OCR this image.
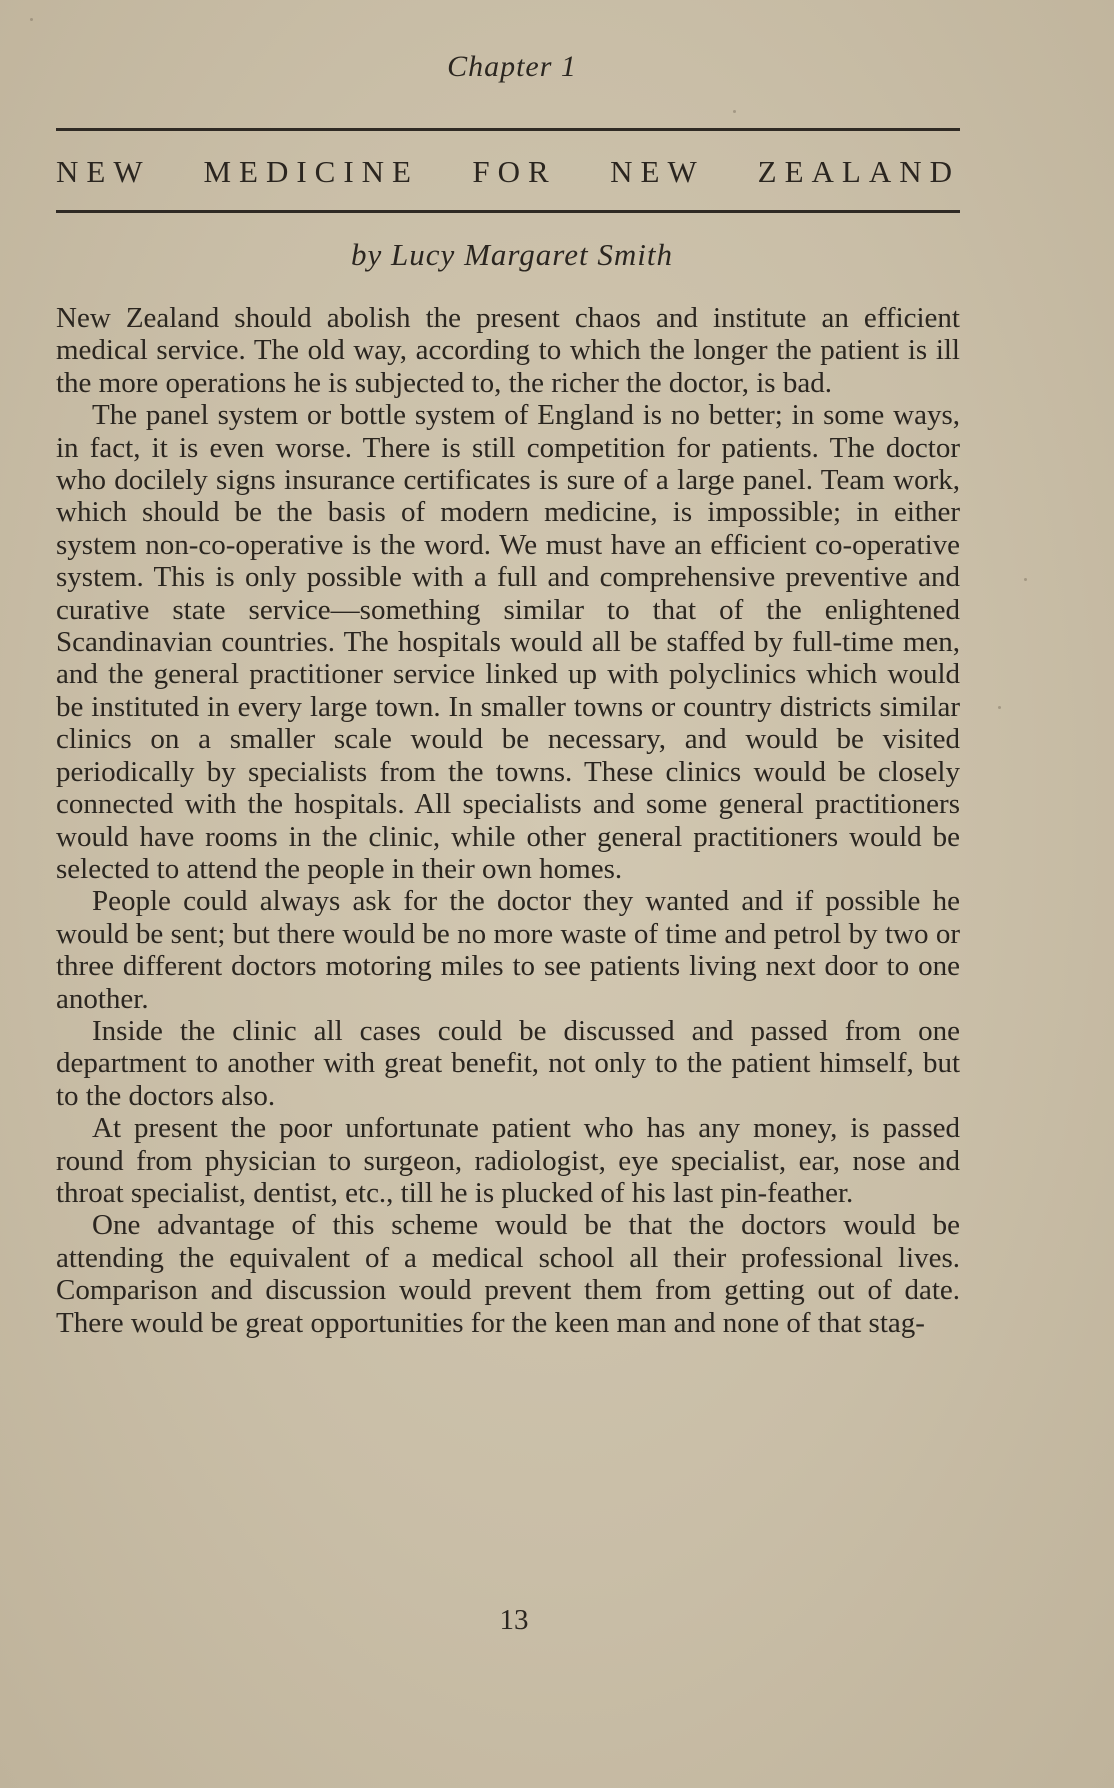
Chapter 1
NEW MEDICINE FOR NEW ZEALAND
by Lucy Margaret Smith

New Zealand should abolish the present chaos and institute an efficient medical service. The old way, according to which the longer the patient is ill the more operations he is subjected to, the richer the doctor, is bad.

The panel system or bottle system of England is no better; in some ways, in fact, it is even worse. There is still competition for patients. The doctor who docilely signs insurance certificates is sure of a large panel. Team work, which should be the basis of modern medicine, is impossible; in either system non-co-operative is the word. We must have an efficient co-operative system. This is only possible with a full and comprehensive preventive and curative state service—something similar to that of the enlightened Scandinavian countries. The hospitals would all be staffed by full-time men, and the general practitioner service linked up with polyclinics which would be instituted in every large town. In smaller towns or country districts similar clinics on a smaller scale would be necessary, and would be visited periodically by specialists from the towns. These clinics would be closely connected with the hospitals. All specialists and some general practitioners would have rooms in the clinic, while other general practitioners would be selected to attend the people in their own homes.

People could always ask for the doctor they wanted and if possible he would be sent; but there would be no more waste of time and petrol by two or three different doctors motoring miles to see patients living next door to one another.

Inside the clinic all cases could be discussed and passed from one department to another with great benefit, not only to the patient himself, but to the doctors also.

At present the poor unfortunate patient who has any money, is passed round from physician to surgeon, radiologist, eye specialist, ear, nose and throat specialist, dentist, etc., till he is plucked of his last pin-feather.

One advantage of this scheme would be that the doctors would be attending the equivalent of a medical school all their professional lives. Comparison and discussion would prevent them from getting out of date. There would be great opportunities for the keen man and none of that stag-

13
